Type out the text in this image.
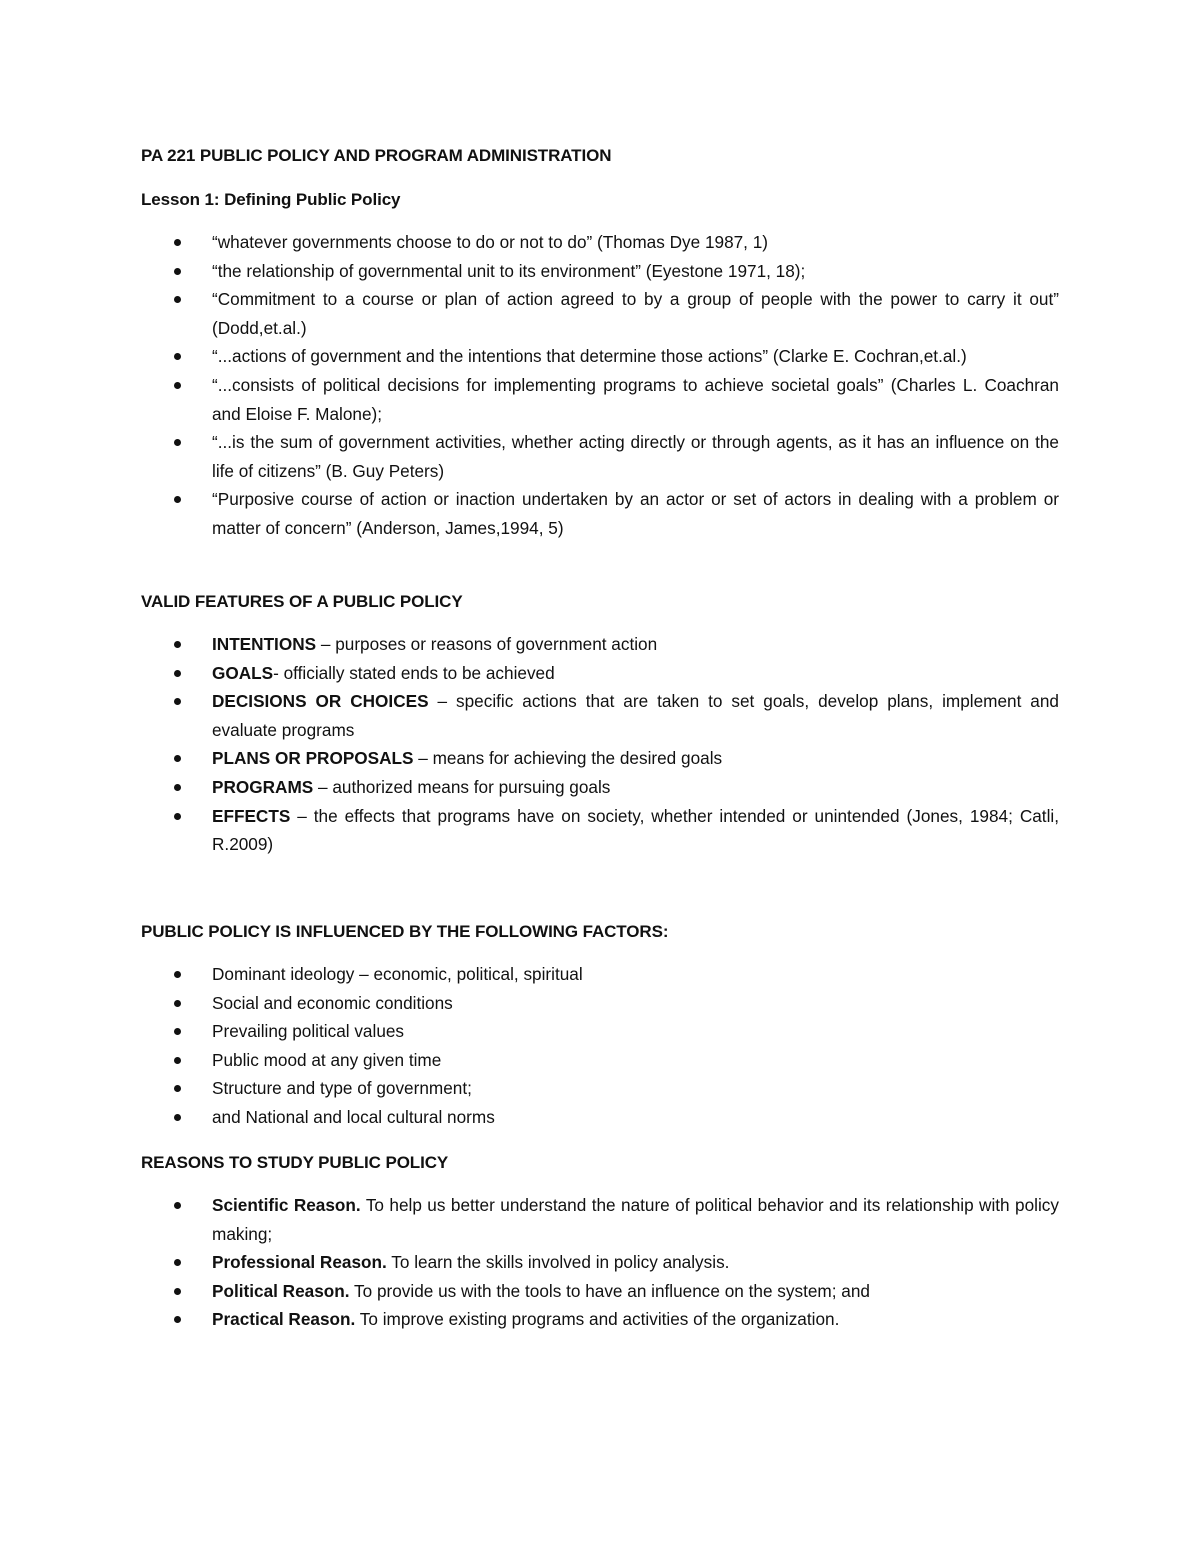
PA 221 PUBLIC POLICY AND PROGRAM ADMINISTRATION

Lesson 1: Defining Public Policy

“whatever governments choose to do or not to do” (Thomas Dye 1987, 1)
“the relationship of governmental unit to its environment” (Eyestone 1971, 18);
“Commitment to a course or plan of action agreed to by a group of people with the power to carry it out” (Dodd,et.al.)
“...actions of government and the intentions that determine those actions” (Clarke E. Cochran,et.al.)
“...consists of political decisions for implementing programs to achieve societal goals” (Charles L. Coachran and Eloise F. Malone);
“...is the sum of government activities, whether acting directly or through agents, as it has an influence on the life of citizens” (B. Guy Peters)
“Purposive course of action or inaction undertaken by an actor or set of actors in dealing with a problem or matter of concern” (Anderson, James,1994, 5)

VALID FEATURES OF A PUBLIC POLICY

INTENTIONS – purposes or reasons of government action
GOALS- officially stated ends to be achieved
DECISIONS OR CHOICES – specific actions that are taken to set goals, develop plans, implement and evaluate programs
PLANS OR PROPOSALS – means for achieving the desired goals
PROGRAMS – authorized means for pursuing goals
EFFECTS – the effects that programs have on society, whether intended or unintended (Jones, 1984; Catli, R.2009)

PUBLIC POLICY IS INFLUENCED BY THE FOLLOWING FACTORS:

Dominant ideology – economic, political, spiritual
Social and economic conditions
Prevailing political values
Public mood at any given time
Structure and type of government;
and National and local cultural norms

REASONS TO STUDY PUBLIC POLICY

Scientific Reason. To help us better understand the nature of political behavior and its relationship with policy making;
Professional Reason. To learn the skills involved in policy analysis.
Political Reason. To provide us with the tools to have an influence on the system; and
Practical Reason. To improve existing programs and activities of the organization.
